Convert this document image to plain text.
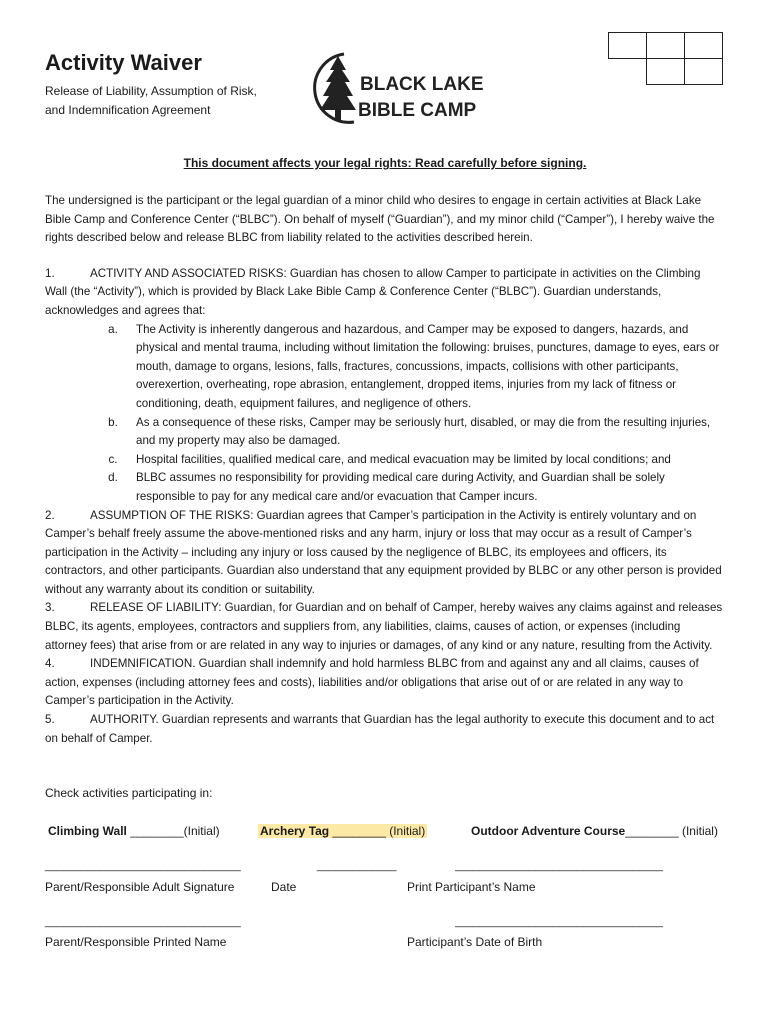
Activity Waiver
Release of Liability, Assumption of Risk,
and Indemnification Agreement
BLACK LAKE
BIBLE CAMP

This document affects your legal rights: Read carefully before signing.

The undersigned is the participant or the legal guardian of a minor child who desires to engage in certain activities at Black Lake Bible Camp and Conference Center (“BLBC”). On behalf of myself (“Guardian”), and my minor child (“Camper”), I hereby waive the rights described below and release BLBC from liability related to the activities described herein.

1.	ACTIVITY AND ASSOCIATED RISKS: Guardian has chosen to allow Camper to participate in activities on the Climbing Wall (the “Activity”), which is provided by Black Lake Bible Camp & Conference Center (“BLBC”). Guardian understands, acknowledges and agrees that:

a.	The Activity is inherently dangerous and hazardous, and Camper may be exposed to dangers, hazards, and physical and mental trauma, including without limitation the following: bruises, punctures, damage to eyes, ears or mouth, damage to organs, lesions, falls, fractures, concussions, impacts, collisions with other participants, overexertion, overheating, rope abrasion, entanglement, dropped items, injuries from my lack of fitness or conditioning, death, equipment failures, and negligence of others.
b.	As a consequence of these risks, Camper may be seriously hurt, disabled, or may die from the resulting injuries, and my property may also be damaged.
c.	Hospital facilities, qualified medical care, and medical evacuation may be limited by local conditions; and
d.	BLBC assumes no responsibility for providing medical care during Activity, and Guardian shall be solely responsible to pay for any medical care and/or evacuation that Camper incurs.

2.	ASSUMPTION OF THE RISKS: Guardian agrees that Camper’s participation in the Activity is entirely voluntary and on Camper’s behalf freely assume the above-mentioned risks and any harm, injury or loss that may occur as a result of Camper’s participation in the Activity – including any injury or loss caused by the negligence of BLBC, its employees and officers, its contractors, and other participants. Guardian also understand that any equipment provided by BLBC or any other person is provided without any warranty about its condition or suitability.

3.	RELEASE OF LIABILITY: Guardian, for Guardian and on behalf of Camper, hereby waives any claims against and releases BLBC, its agents, employees, contractors and suppliers from, any liabilities, claims, causes of action, or expenses (including attorney fees) that arise from or are related in any way to injuries or damages, of any kind or any nature, resulting from the Activity.

4.	INDEMNIFICATION. Guardian shall indemnify and hold harmless BLBC from and against any and all claims, causes of action, expenses (including attorney fees and costs), liabilities and/or obligations that arise out of or are related in any way to Camper’s participation in the Activity.

5.	AUTHORITY. Guardian represents and warrants that Guardian has the legal authority to execute this document and to act on behalf of Camper.

Check activities participating in:
Climbing Wall ________(Initial)	Archery Tag ________ (Initial)	Outdoor Adventure Course________ (Initial)
________________________________	_____________	__________________________________
Parent/Responsible Adult Signature	Date	Print Participant’s Name
________________________________	__________________________________
Parent/Responsible Printed Name	Participant’s Date of Birth
